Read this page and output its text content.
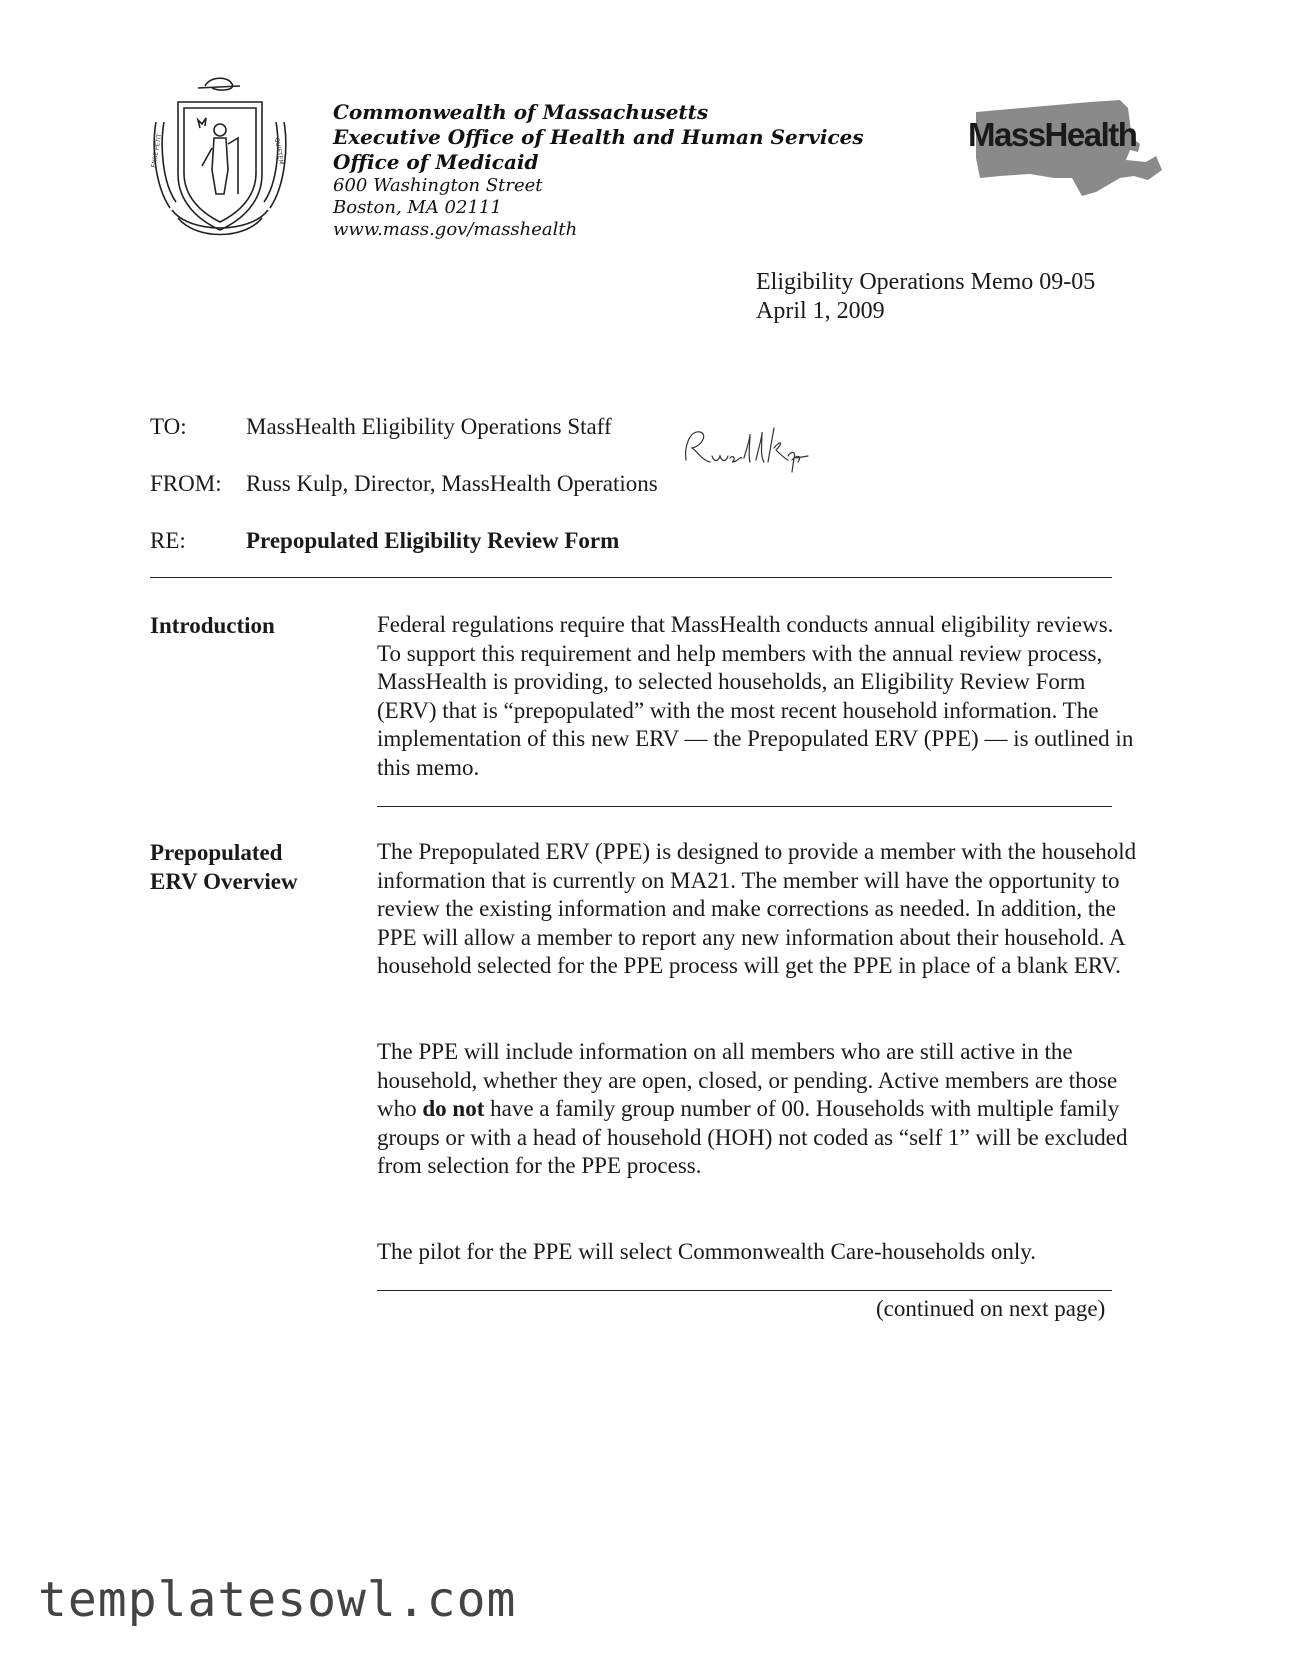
ENSE PETIT	QUIETEM
Commonwealth of Massachusetts
Executive Office of Health and Human Services
Office of Medicaid
600 Washington Street
Boston, MA 02111
www.mass.gov/masshealth
MassHealth
Eligibility Operations Memo 09-05
April 1, 2009
TO:	MassHealth Eligibility Operations Staff
Russell Kulp
FROM: Russ Kulp, Director, MassHealth Operations
RE:	Prepopulated Eligibility Review Form
Introduction	Federal regulations require that MassHealth conducts annual eligibility reviews. To support this requirement and help members with the annual review process, MassHealth is providing, to selected households, an Eligibility Review Form (ERV) that is “prepopulated” with the most recent household information. The implementation of this new ERV — the Prepopulated ERV (PPE) — is outlined in this memo.
Prepopulated
ERV Overview
The Prepopulated ERV (PPE) is designed to provide a member with the household information that is currently on MA21. The member will have the opportunity to review the existing information and make corrections as needed. In addition, the PPE will allow a member to report any new information about their household. A household selected for the PPE process will get the PPE in place of a blank ERV.
The PPE will include information on all members who are still active in the household, whether they are open, closed, or pending. Active members are those who do not have a family group number of 00. Households with multiple family groups or with a head of household (HOH) not coded as “self 1” will be excluded from selection for the PPE process.
The pilot for the PPE will select Commonwealth Care-households only.
(continued on next page)
templatesowl.com
